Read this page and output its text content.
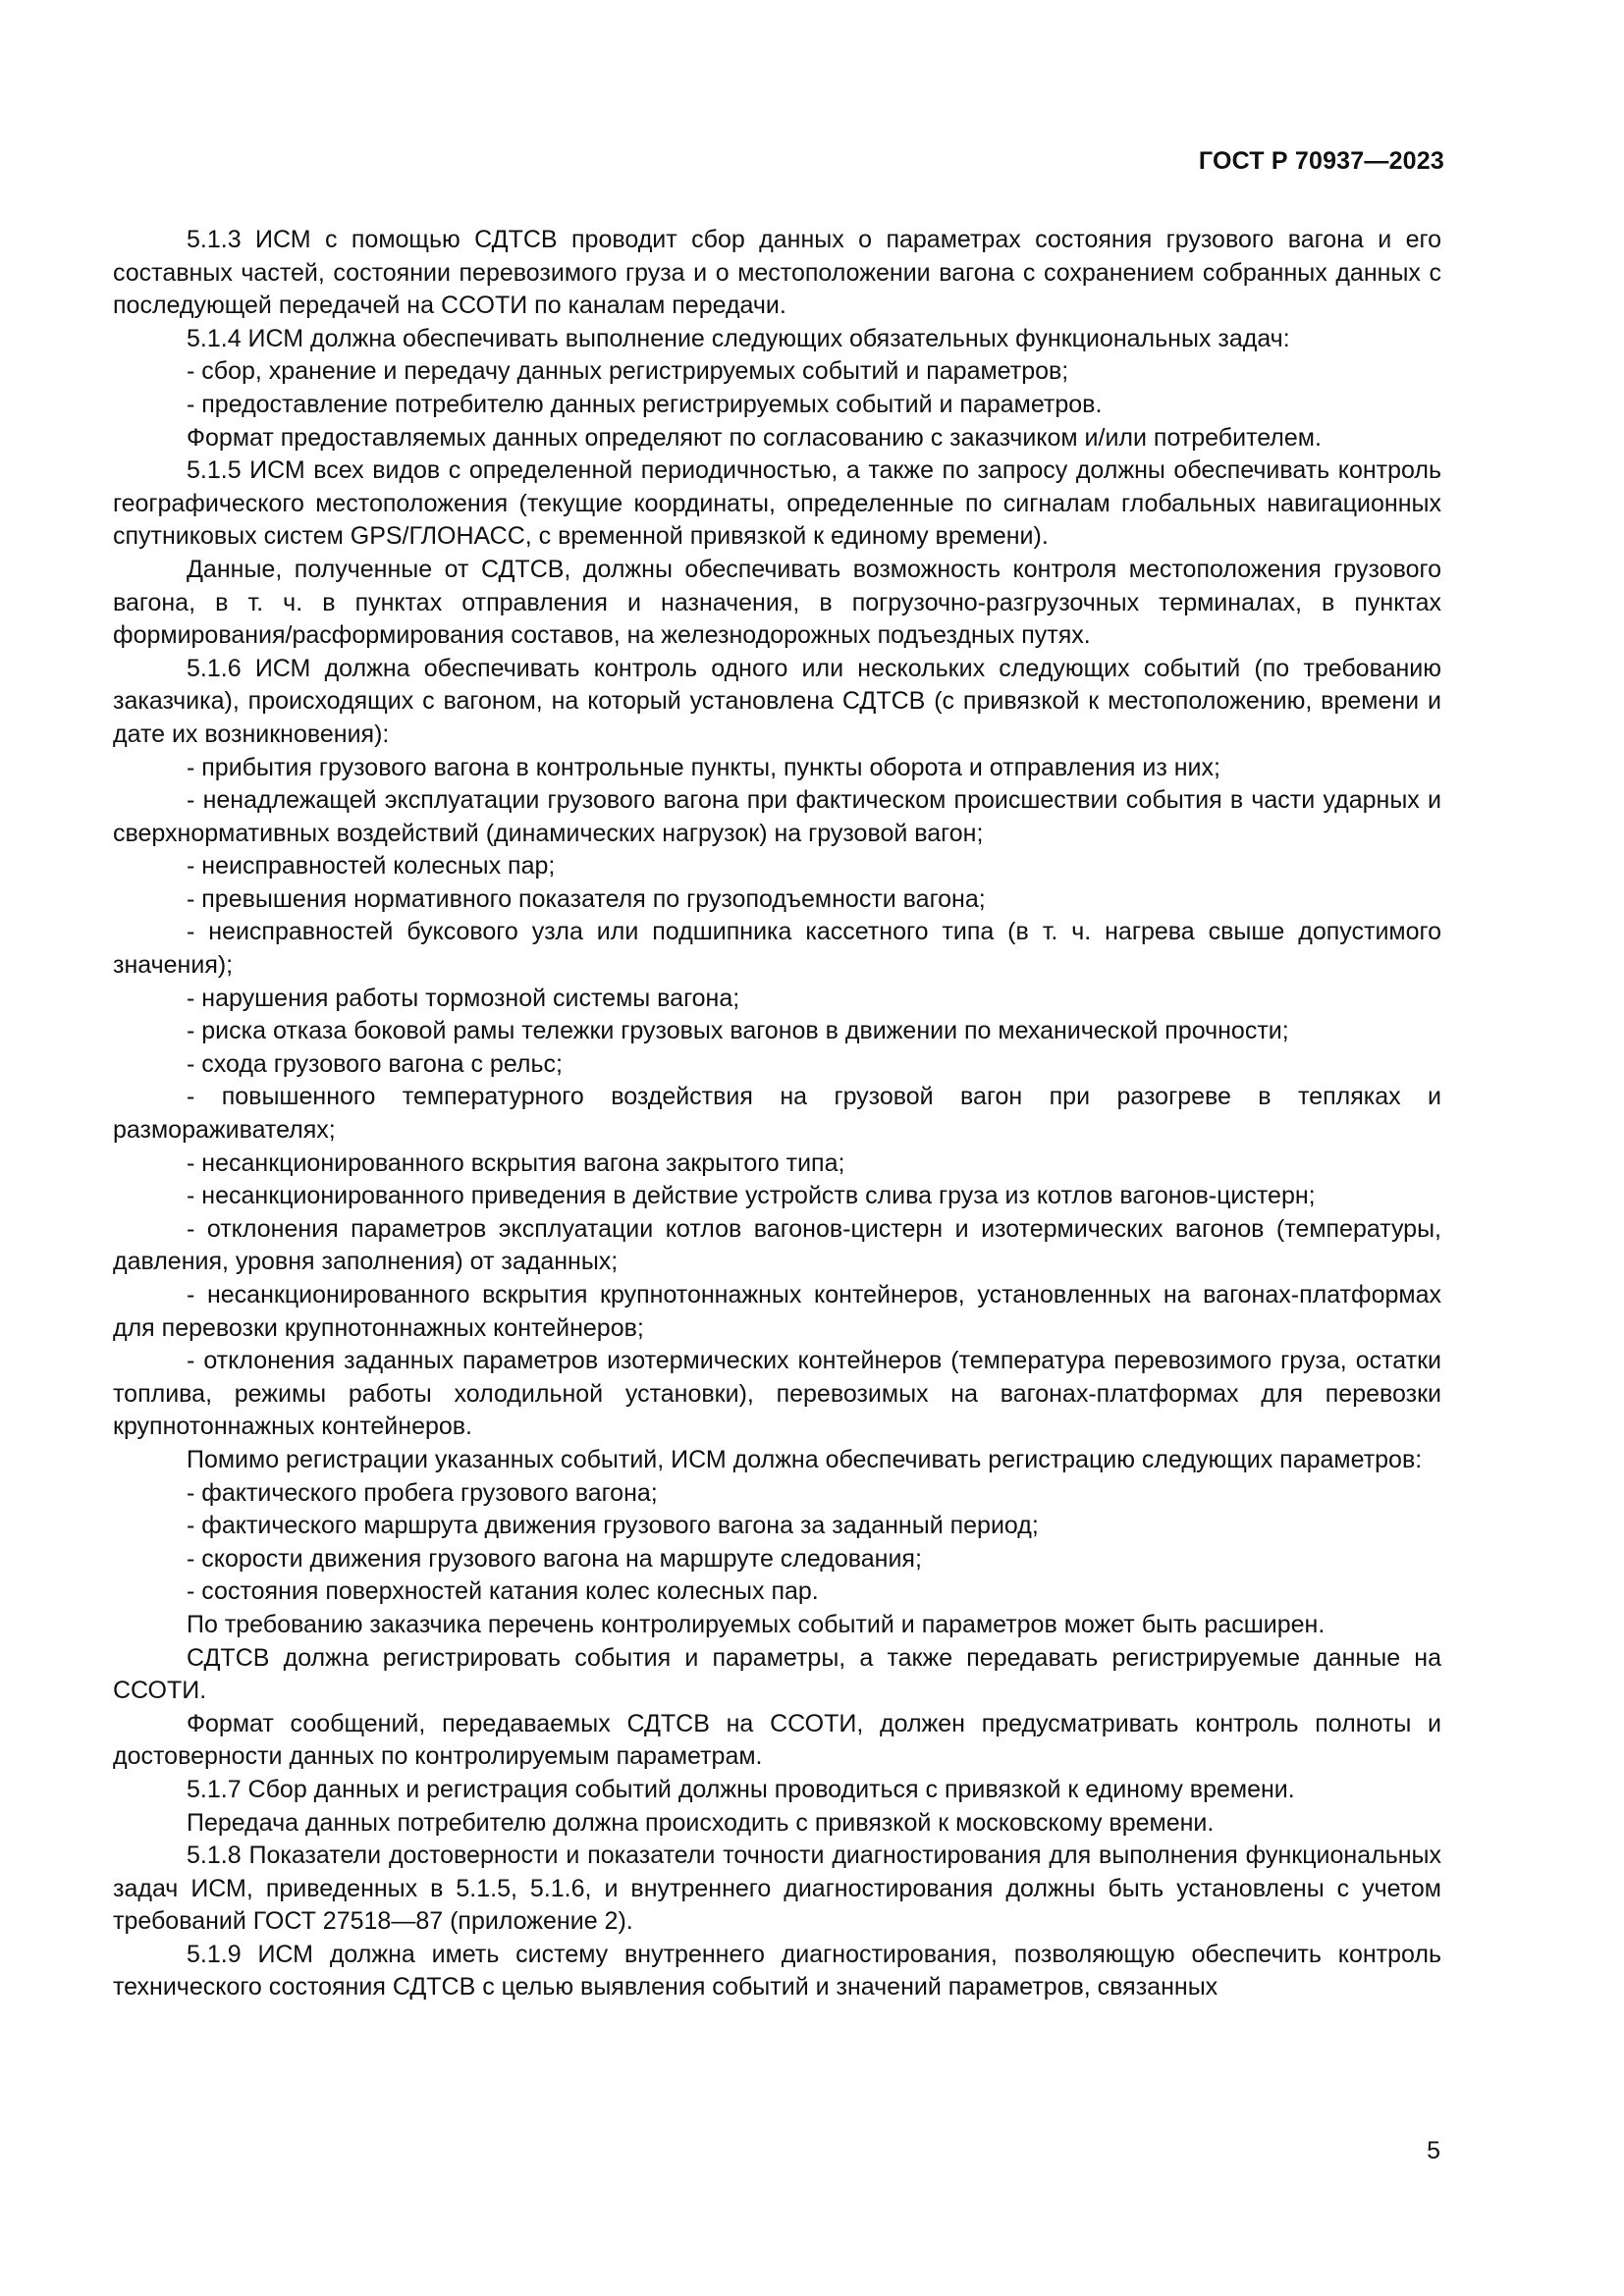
ГОСТ Р 70937—2023

5.1.3 ИСМ с помощью СДТСВ проводит сбор данных о параметрах состояния грузового вагона и его составных частей, состоянии перевозимого груза и о местоположении вагона с сохранением собранных данных с последующей передачей на ССОТИ по каналам передачи.

5.1.4 ИСМ должна обеспечивать выполнение следующих обязательных функциональных задач:

- сбор, хранение и передачу данных регистрируемых событий и параметров;

- предоставление потребителю данных регистрируемых событий и параметров.

Формат предоставляемых данных определяют по согласованию с заказчиком и/или потребителем.

5.1.5 ИСМ всех видов с определенной периодичностью, а также по запросу должны обеспечивать контроль географического местоположения (текущие координаты, определенные по сигналам глобальных навигационных спутниковых систем GPS/ГЛОНАСС, с временной привязкой к единому времени).

Данные, полученные от СДТСВ, должны обеспечивать возможность контроля местоположения грузового вагона, в т. ч. в пунктах отправления и назначения, в погрузочно-разгрузочных терминалах, в пунктах формирования/расформирования составов, на железнодорожных подъездных путях.

5.1.6 ИСМ должна обеспечивать контроль одного или нескольких следующих событий (по требованию заказчика), происходящих с вагоном, на который установлена СДТСВ (с привязкой к местоположению, времени и дате их возникновения):

- прибытия грузового вагона в контрольные пункты, пункты оборота и отправления из них;

- ненадлежащей эксплуатации грузового вагона при фактическом происшествии события в части ударных и сверхнормативных воздействий (динамических нагрузок) на грузовой вагон;

- неисправностей колесных пар;

- превышения нормативного показателя по грузоподъемности вагона;

- неисправностей буксового узла или подшипника кассетного типа (в т. ч. нагрева свыше допустимого значения);

- нарушения работы тормозной системы вагона;

- риска отказа боковой рамы тележки грузовых вагонов в движении по механической прочности;

- схода грузового вагона с рельс;

- повышенного температурного воздействия на грузовой вагон при разогреве в тепляках и размораживателях;

- несанкционированного вскрытия вагона закрытого типа;

- несанкционированного приведения в действие устройств слива груза из котлов вагонов-цистерн;

- отклонения параметров эксплуатации котлов вагонов-цистерн и изотермических вагонов (температуры, давления, уровня заполнения) от заданных;

- несанкционированного вскрытия крупнотоннажных контейнеров, установленных на вагонах-платформах для перевозки крупнотоннажных контейнеров;

- отклонения заданных параметров изотермических контейнеров (температура перевозимого груза, остатки топлива, режимы работы холодильной установки), перевозимых на вагонах-платформах для перевозки крупнотоннажных контейнеров.

Помимо регистрации указанных событий, ИСМ должна обеспечивать регистрацию следующих параметров:

- фактического пробега грузового вагона;

- фактического маршрута движения грузового вагона за заданный период;

- скорости движения грузового вагона на маршруте следования;

- состояния поверхностей катания колес колесных пар.

По требованию заказчика перечень контролируемых событий и параметров может быть расширен.

СДТСВ должна регистрировать события и параметры, а также передавать регистрируемые данные на ССОТИ.

Формат сообщений, передаваемых СДТСВ на ССОТИ, должен предусматривать контроль полноты и достоверности данных по контролируемым параметрам.

5.1.7 Сбор данных и регистрация событий должны проводиться с привязкой к единому времени.

Передача данных потребителю должна происходить с привязкой к московскому времени.

5.1.8 Показатели достоверности и показатели точности диагностирования для выполнения функциональных задач ИСМ, приведенных в 5.1.5, 5.1.6, и внутреннего диагностирования должны быть установлены с учетом требований ГОСТ 27518—87 (приложение 2).

5.1.9 ИСМ должна иметь систему внутреннего диагностирования, позволяющую обеспечить контроль технического состояния СДТСВ с целью выявления событий и значений параметров, связанных

5
